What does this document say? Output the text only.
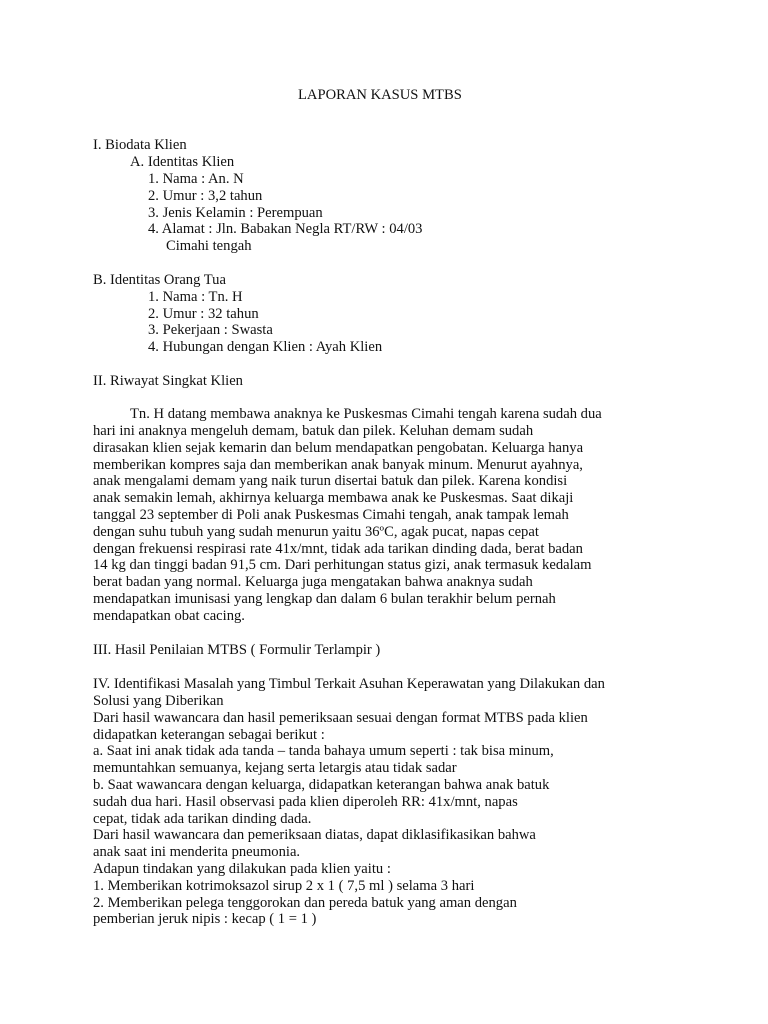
LAPORAN KASUS MTBS
I. Biodata Klien
A. Identitas Klien
1. Nama : An. N
2. Umur : 3,2 tahun
3. Jenis Kelamin : Perempuan
4. Alamat : Jln. Babakan Negla RT/RW : 04/03
Cimahi tengah
B. Identitas Orang Tua
1. Nama : Tn. H
2. Umur : 32 tahun
3. Pekerjaan : Swasta
4. Hubungan dengan Klien : Ayah Klien
II. Riwayat Singkat Klien
Tn. H datang membawa anaknya ke Puskesmas Cimahi tengah karena sudah dua
hari ini anaknya mengeluh demam, batuk dan pilek. Keluhan demam sudah
dirasakan klien sejak kemarin dan belum mendapatkan pengobatan. Keluarga hanya
memberikan kompres saja dan memberikan anak banyak minum. Menurut ayahnya,
anak mengalami demam yang naik turun disertai batuk dan pilek. Karena kondisi
anak semakin lemah, akhirnya keluarga membawa anak ke Puskesmas. Saat dikaji
tanggal 23 september di Poli anak Puskesmas Cimahi tengah, anak tampak lemah
dengan suhu tubuh yang sudah menurun yaitu 36ºC, agak pucat, napas cepat
dengan frekuensi respirasi rate 41x/mnt, tidak ada tarikan dinding dada, berat badan
14 kg dan tinggi badan 91,5 cm. Dari perhitungan status gizi, anak termasuk kedalam
berat badan yang normal. Keluarga juga mengatakan bahwa anaknya sudah
mendapatkan imunisasi yang lengkap dan dalam 6 bulan terakhir belum pernah
mendapatkan obat cacing.
III. Hasil Penilaian MTBS ( Formulir Terlampir )
IV. Identifikasi Masalah yang Timbul Terkait Asuhan Keperawatan yang Dilakukan dan
Solusi yang Diberikan
Dari hasil wawancara dan hasil pemeriksaan sesuai dengan format MTBS pada klien
didapatkan keterangan sebagai berikut :
a. Saat ini anak tidak ada tanda – tanda bahaya umum seperti : tak bisa minum,
memuntahkan semuanya, kejang serta letargis atau tidak sadar
b. Saat wawancara dengan keluarga, didapatkan keterangan bahwa anak batuk
sudah dua hari. Hasil observasi pada klien diperoleh RR: 41x/mnt, napas
cepat, tidak ada tarikan dinding dada.
Dari hasil wawancara dan pemeriksaan diatas, dapat diklasifikasikan bahwa
anak saat ini menderita pneumonia.
Adapun tindakan yang dilakukan pada klien yaitu :
1. Memberikan kotrimoksazol sirup 2 x 1 ( 7,5 ml ) selama 3 hari
2. Memberikan pelega tenggorokan dan pereda batuk yang aman dengan
pemberian jeruk nipis : kecap ( 1 = 1 )
